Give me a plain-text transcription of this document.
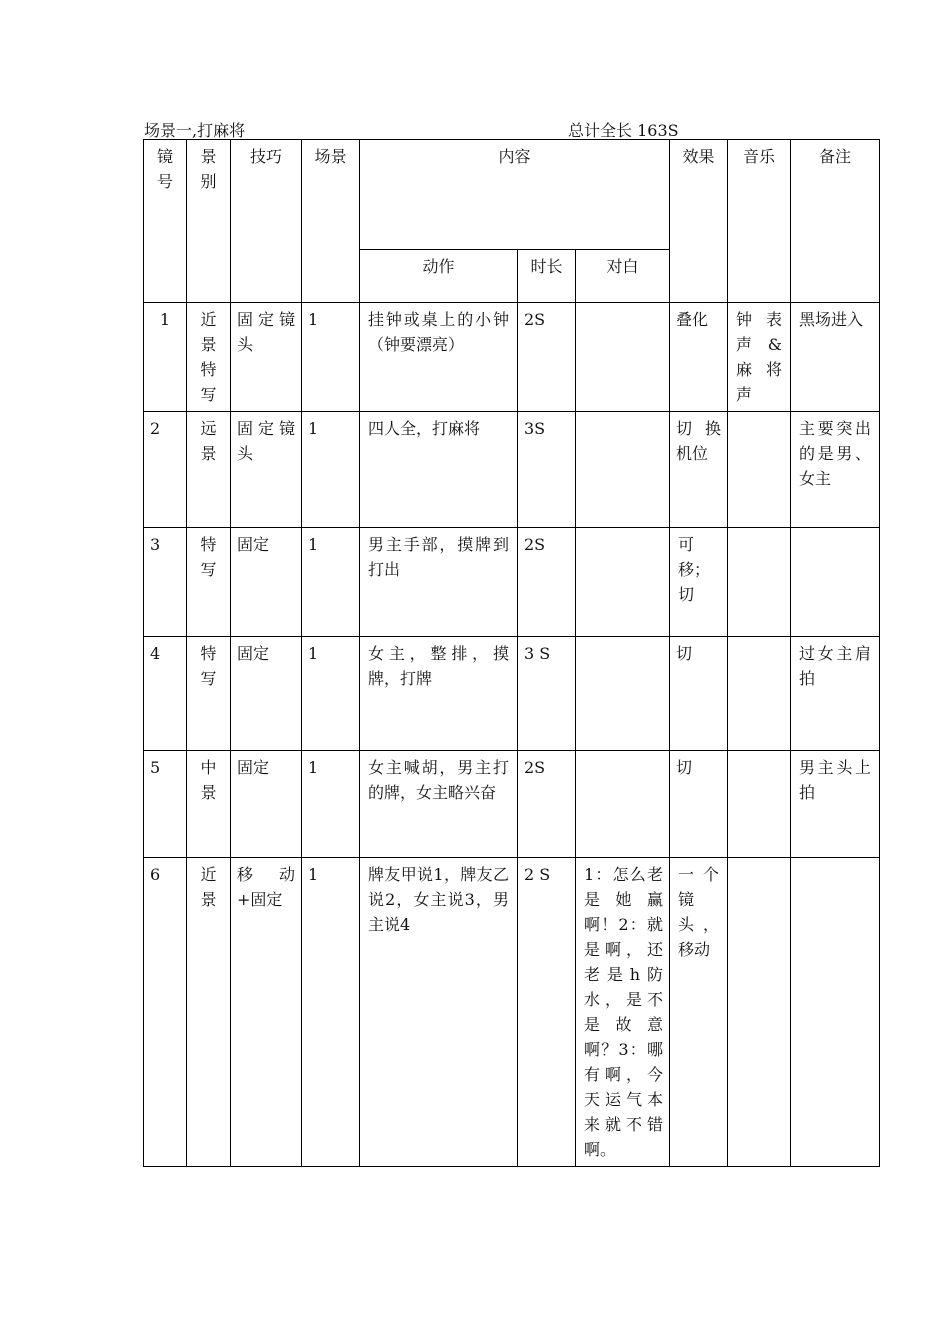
场景一,打麻将	总计全长 163S
镜号	景别	技巧	场景	内容			效果	音乐	备注
				动作	时长	对白			
1	近景特写	固定镜头	1	挂钟或桌上的小钟（钟要漂亮）	2S		叠化	钟表声&麻将声	黑场进入
2	远景	固定镜头	1	四人全，打麻将	3S		切换机位		主要突出的是男、女主
3	特写	固定	1	男主手部，摸牌到打出	2S		可移；切		
4	特写	固定	1	女主，整排，摸牌，打牌	3 S		切		过女主肩拍
5	中景	固定	1	女主喊胡，男主打的牌，女主略兴奋	2S		切		男主头上拍
6	近景	移动+固定	1	牌友甲说1，牌友乙说2，女主说3，男主说4	2 S	1：怎么老是她赢啊！2：就是啊，还老是h防水，是不是故意啊？3：哪有啊，今天运气本来就不错啊。	一个镜头，移动		
